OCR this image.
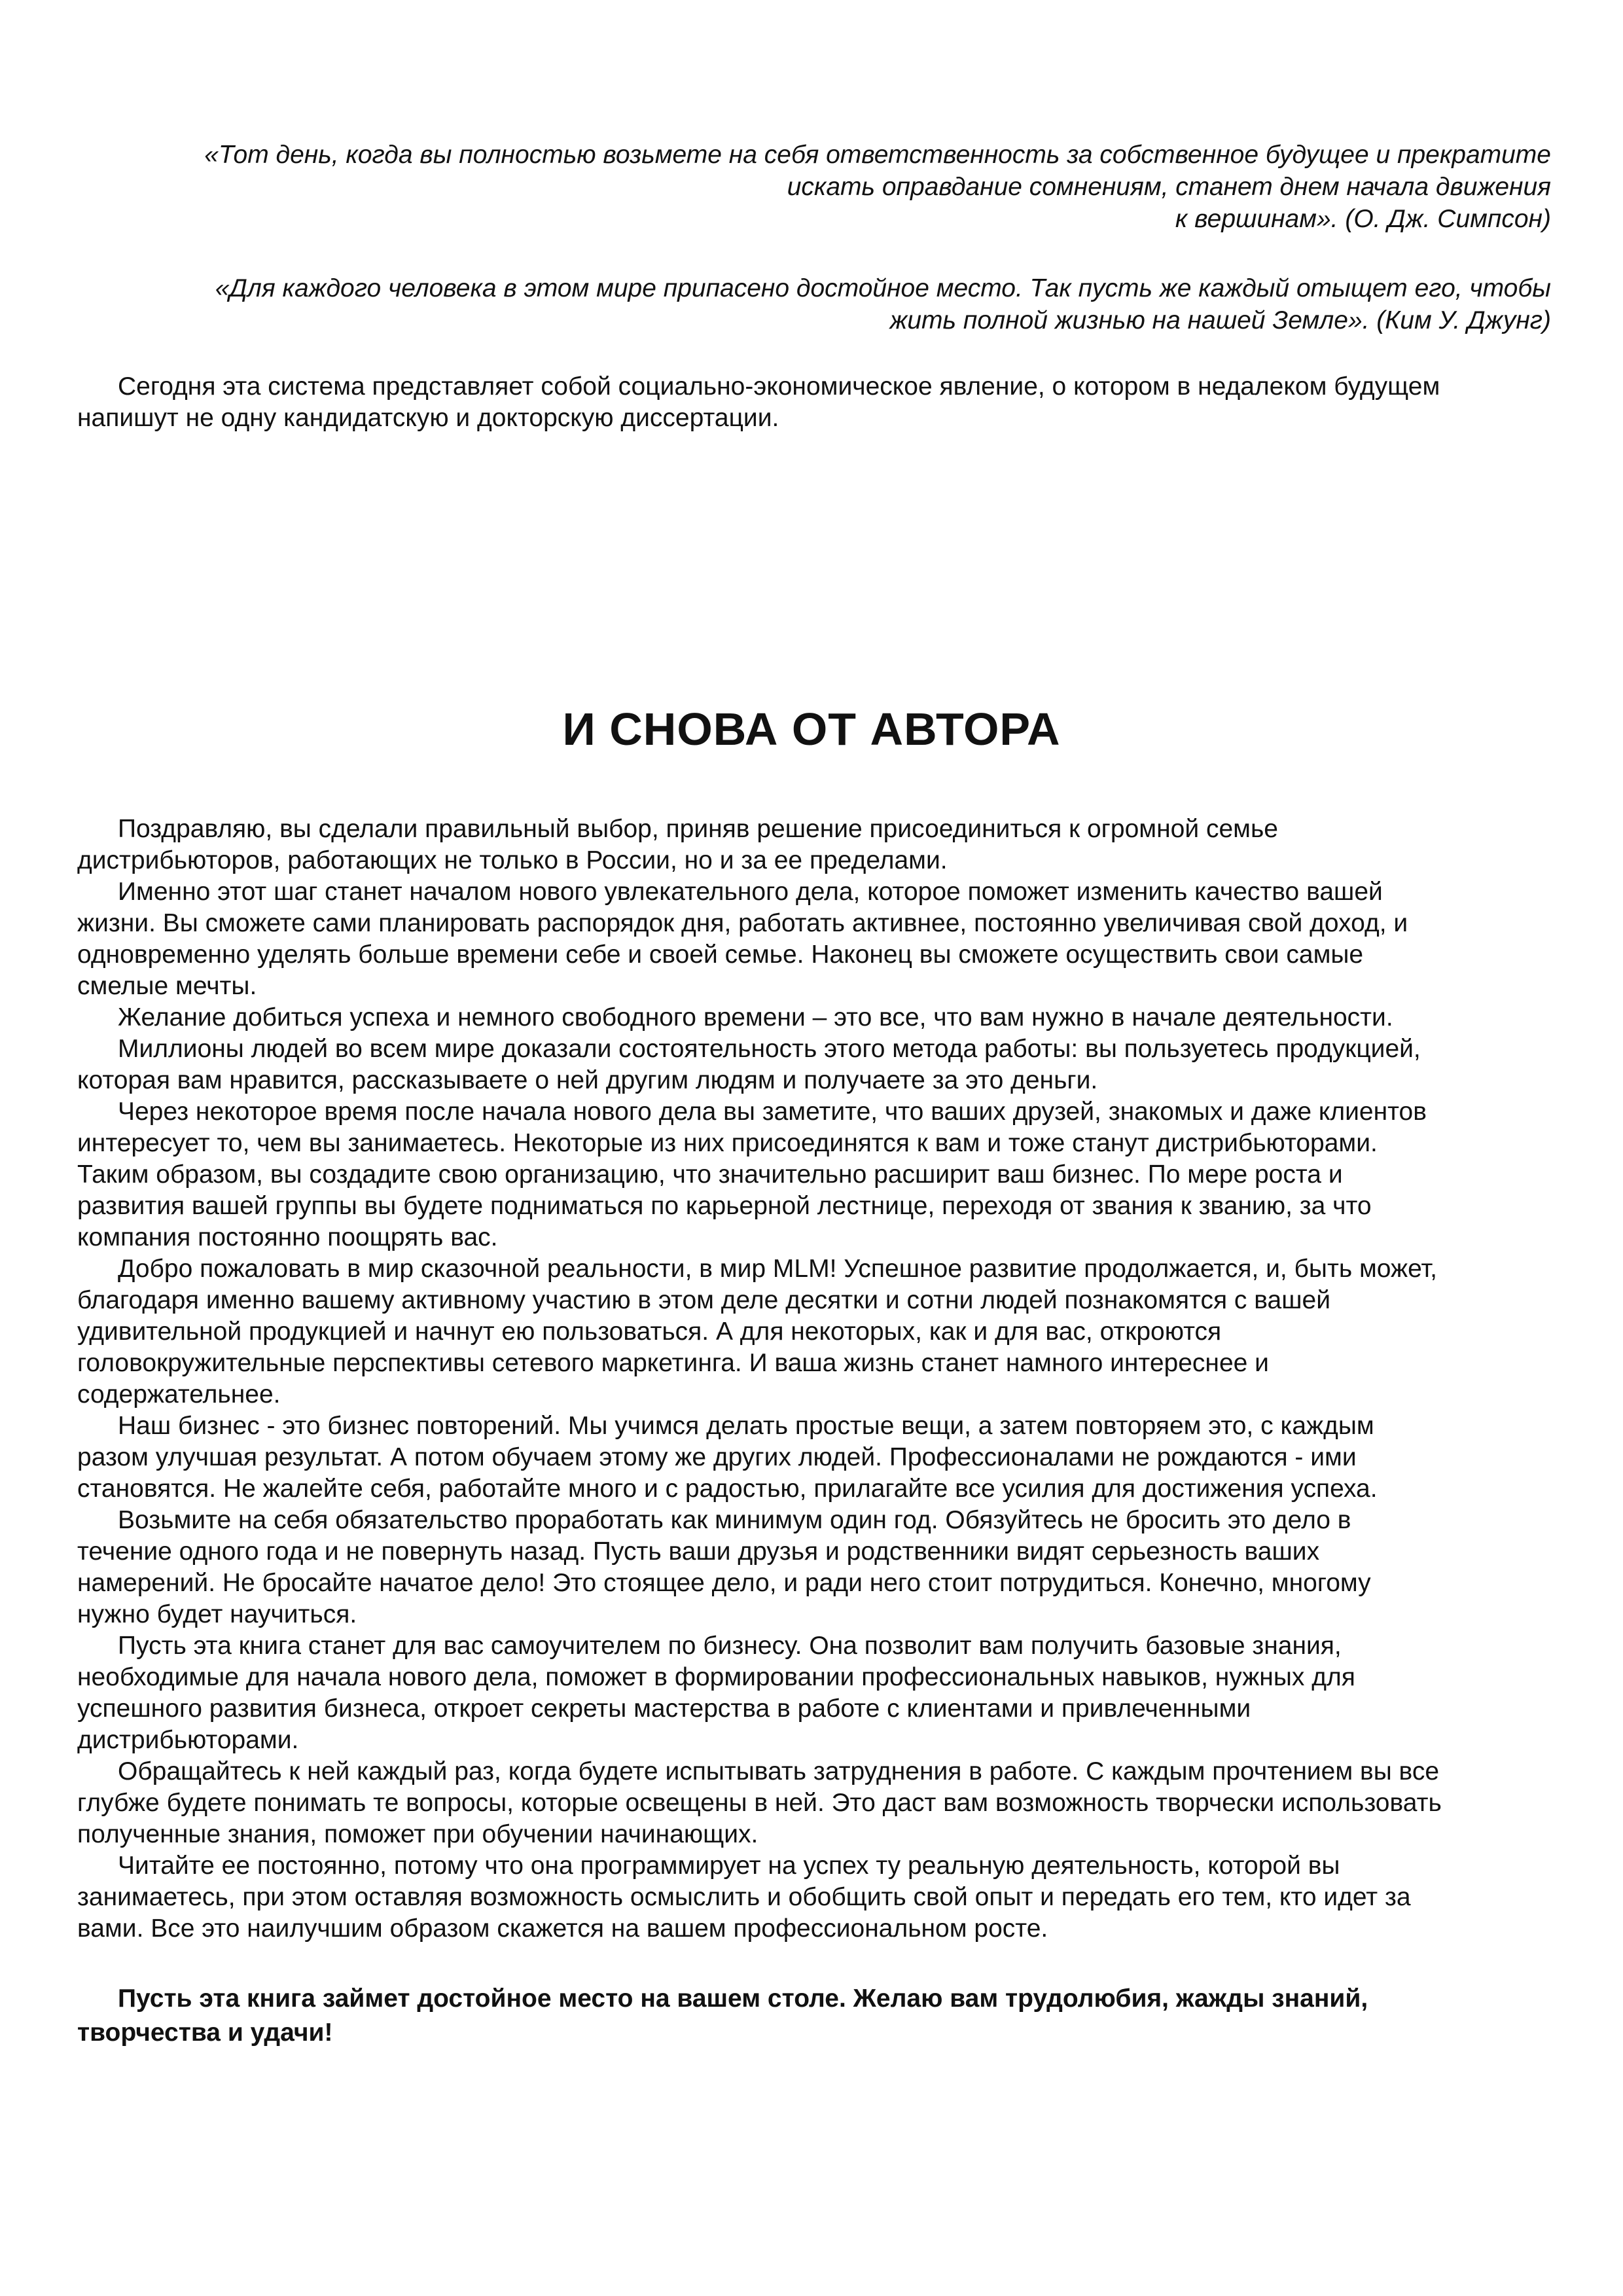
«Тот день, когда вы полностью возьмете на себя ответственность за собственное будущее и прекратите
искать оправдание сомнениям, станет днем начала движения
к вершинам». (О. Дж. Симпсон)

«Для каждого человека в этом мире припасено достойное место. Так пусть же каждый отыщет его, чтобы
жить полной жизнью на нашей Земле». (Ким У. Джунг)

Сегодня эта система представляет собой социально-экономическое явление, о котором в недалеком будущем
напишут не одну кандидатскую и докторскую диссертации.

И СНОВА ОТ АВТОРА
Поздравляю, вы сделали правильный выбор, приняв решение присоединиться к огромной семье
дистрибьюторов, работающих не только в России, но и за ее пределами.
Именно этот шаг станет началом нового увлекательного дела, которое поможет изменить качество вашей
жизни. Вы сможете сами планировать распорядок дня, работать активнее, постоянно увеличивая свой доход, и
одновременно уделять больше времени себе и своей семье. Наконец вы сможете осуществить свои самые
смелые мечты.
Желание добиться успеха и немного свободного времени – это все, что вам нужно в начале деятельности.
Миллионы людей во всем мире доказали состоятельность этого метода работы: вы пользуетесь продукцией,
которая вам нравится, рассказываете о ней другим людям и получаете за это деньги.
Через некоторое время после начала нового дела вы заметите, что ваших друзей, знакомых и даже клиентов
интересует то, чем вы занимаетесь. Некоторые из них присоединятся к вам и тоже станут дистрибьюторами.
Таким образом, вы создадите свою организацию, что значительно расширит ваш бизнес. По мере роста и
развития вашей группы вы будете подниматься по карьерной лестнице, переходя от звания к званию, за что
компания постоянно поощрять вас.
Добро пожаловать в мир сказочной реальности, в мир MLM! Успешное развитие продолжается, и, быть может,
благодаря именно вашему активному участию в этом деле десятки и сотни людей познакомятся с вашей
удивительной продукцией и начнут ею пользоваться. А для некоторых, как и для вас, откроются
головокружительные перспективы сетевого маркетинга. И ваша жизнь станет намного интереснее и
содержательнее.
Наш бизнес - это бизнес повторений. Мы учимся делать простые вещи, а затем повторяем это, с каждым
разом улучшая результат. А потом обучаем этому же других людей. Профессионалами не рождаются - ими
становятся. Не жалейте себя, работайте много и с радостью, прилагайте все усилия для достижения успеха.
Возьмите на себя обязательство проработать как минимум один год. Обязуйтесь не бросить это дело в
течение одного года и не повернуть назад. Пусть ваши друзья и родственники видят серьезность ваших
намерений. Не бросайте начатое дело! Это стоящее дело, и ради него стоит потрудиться. Конечно, многому
нужно будет научиться.
Пусть эта книга станет для вас самоучителем по бизнесу. Она позволит вам получить базовые знания,
необходимые для начала нового дела, поможет в формировании профессиональных навыков, нужных для
успешного развития бизнеса, откроет секреты мастерства в работе с клиентами и привлеченными
дистрибьюторами.
Обращайтесь к ней каждый раз, когда будете испытывать затруднения в работе. С каждым прочтением вы все
глубже будете понимать те вопросы, которые освещены в ней. Это даст вам возможность творчески использовать
полученные знания, поможет при обучении начинающих.
Читайте ее постоянно, потому что она программирует на успех ту реальную деятельность, которой вы
занимаетесь, при этом оставляя возможность осмыслить и обобщить свой опыт и передать его тем, кто идет за
вами. Все это наилучшим образом скажется на вашем профессиональном росте.

Пусть эта книга займет достойное место на вашем столе. Желаю вам трудолюбия, жажды знаний,
творчества и удачи!
